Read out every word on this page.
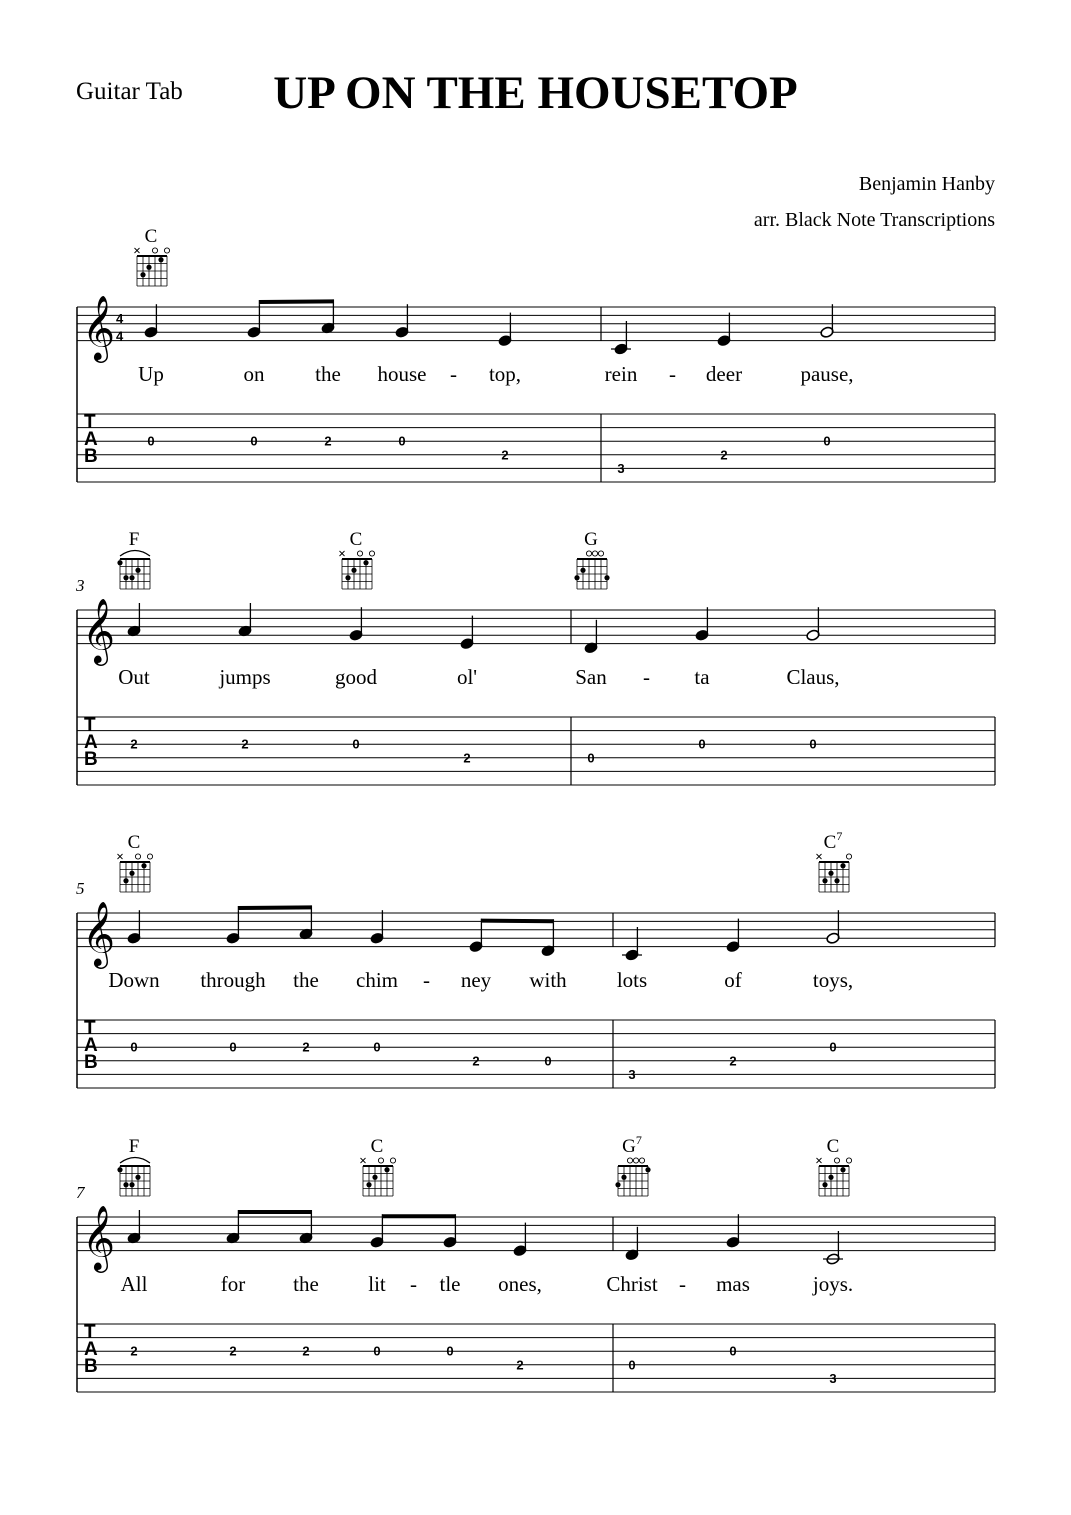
Guitar Tab	UP ON THE HOUSETOP
Benjamin Hanby
arr. Black Note Transcriptions
𝄞 4
4
T
A
B
0	0	2	0
2
3
2
0
Up	on the house - top,	rein - deer	pause,
C
𝄞
T
A
B
2	2	0
2	0
0	0
3
Out	jumps	good	ol'	San - ta	Claus,
F	C	G
𝄞
T
A
B
0	0	2	0
2	0
3
2
0
5
Down through the chim - ney with lots	of	toys,
C	$C^7$
𝄞
T
A
B
2	2	2	0	0
2	0
0
3
7
All	for the lit - tle ones,	Christ - mas	joys.
F	C	$G^7$	C
